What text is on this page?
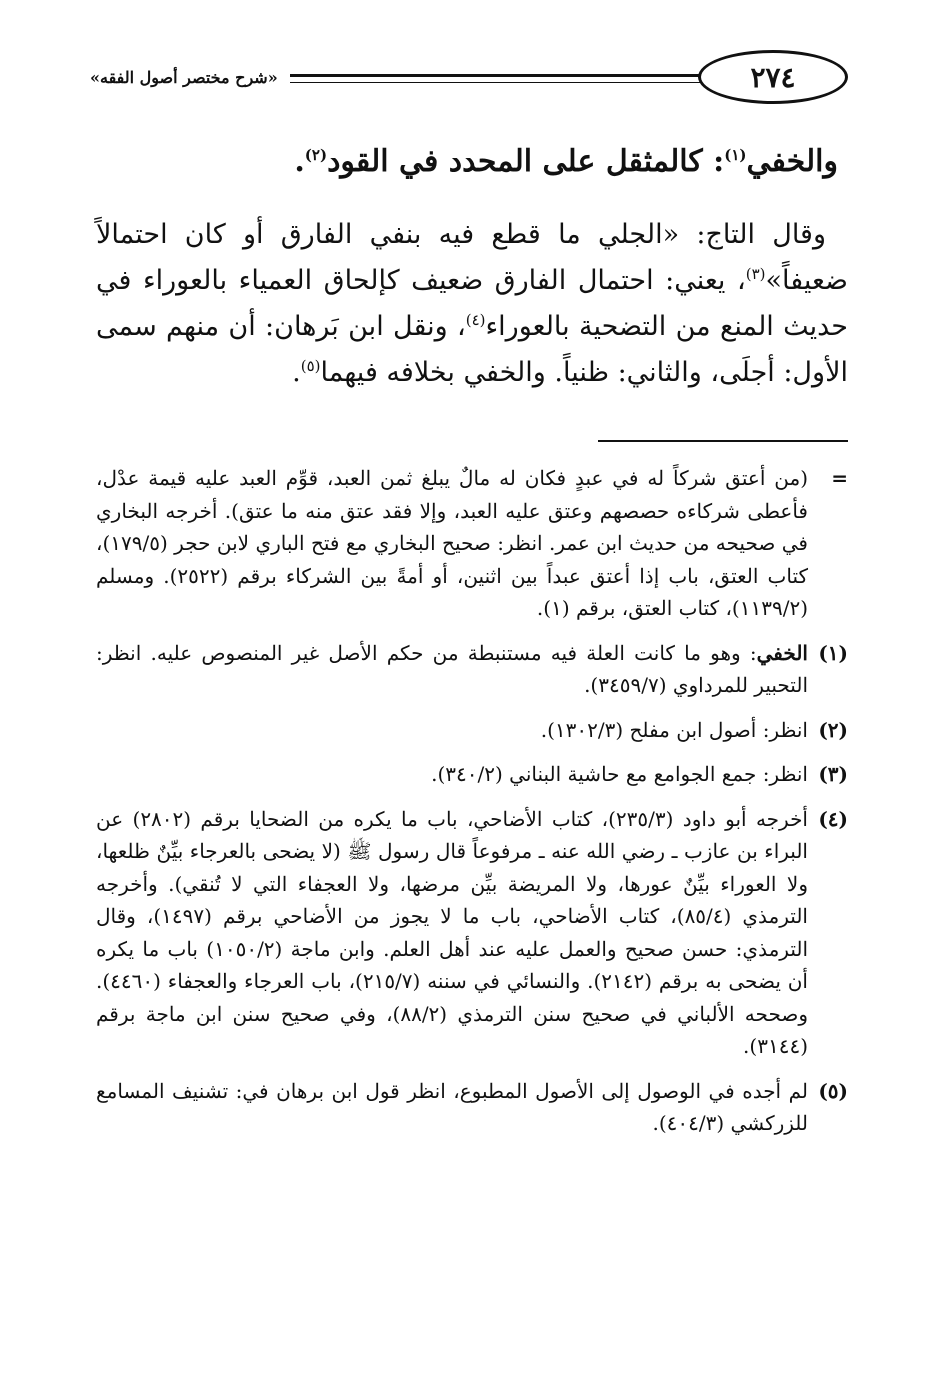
٢٧٤
«شرح مختصر أصول الفقه»
والخفي$^{(١)}$: كالمثقل على المحدد في القود$^{(٢)}$.

وقال التاج: «الجلي ما قطع فيه بنفي الفارق أو كان احتمالاً ضعيفاً»$^{(٣)}$، يعني: احتمال الفارق ضعيف كإلحاق العمياء بالعوراء في حديث المنع من التضحية بالعوراء$^{(٤)}$، ونقل ابن بَرهان: أن منهم سمى الأول: أجلَى، والثاني: ظنياً. والخفي بخلافه فيهما$^{(٥)}$.

=
(من أعتق شركاً له في عبدٍ فكان له مالٌ يبلغ ثمن العبد، قوِّم العبد عليه قيمة عدْل، فأعطى شركاءه حصصهم وعتق عليه العبد، وإلا فقد عتق منه ما عتق). أخرجه البخاري في صحيحه من حديث ابن عمر. انظر: صحيح البخاري مع فتح الباري لابن حجر (١٧٩/٥)، كتاب العتق، باب إذا أعتق عبداً بين اثنين، أو أمةً بين الشركاء برقم (٢٥٢٢). ومسلم (١١٣٩/٢)، كتاب العتق، برقم (١).
(١)
الخفي: وهو ما كانت العلة فيه مستنبطة من حكم الأصل غير المنصوص عليه. انظر: التحبير للمرداوي (٣٤٥٩/٧).
(٢)
انظر: أصول ابن مفلح (١٣٠٢/٣).
(٣)
انظر: جمع الجوامع مع حاشية البناني (٣٤٠/٢).
(٤)
أخرجه أبو داود (٢٣٥/٣)، كتاب الأضاحي، باب ما يكره من الضحايا برقم (٢٨٠٢) عن البراء بن عازب ـ رضي الله عنه ـ مرفوعاً قال رسول ﷺ (لا يضحى بالعرجاء بيِّنٌ ظلعها، ولا العوراء بيِّنٌ عورها، ولا المريضة بيِّن مرضها، ولا العجفاء التي لا تُنقي). وأخرجه الترمذي (٨٥/٤)، كتاب الأضاحي، باب ما لا يجوز من الأضاحي برقم (١٤٩٧)، وقال الترمذي: حسن صحيح والعمل عليه عند أهل العلم. وابن ماجة (١٠٥٠/٢) باب ما يكره أن يضحى به برقم (٢١٤٢). والنسائي في سننه (٢١٥/٧)، باب العرجاء والعجفاء (٤٤٦٠). وصححه الألباني في صحيح سنن الترمذي (٨٨/٢)، وفي صحيح سنن ابن ماجة برقم (٣١٤٤).
(٥)
لم أجده في الوصول إلى الأصول المطبوع، انظر قول ابن برهان في: تشنيف المسامع للزركشي (٤٠٤/٣).
